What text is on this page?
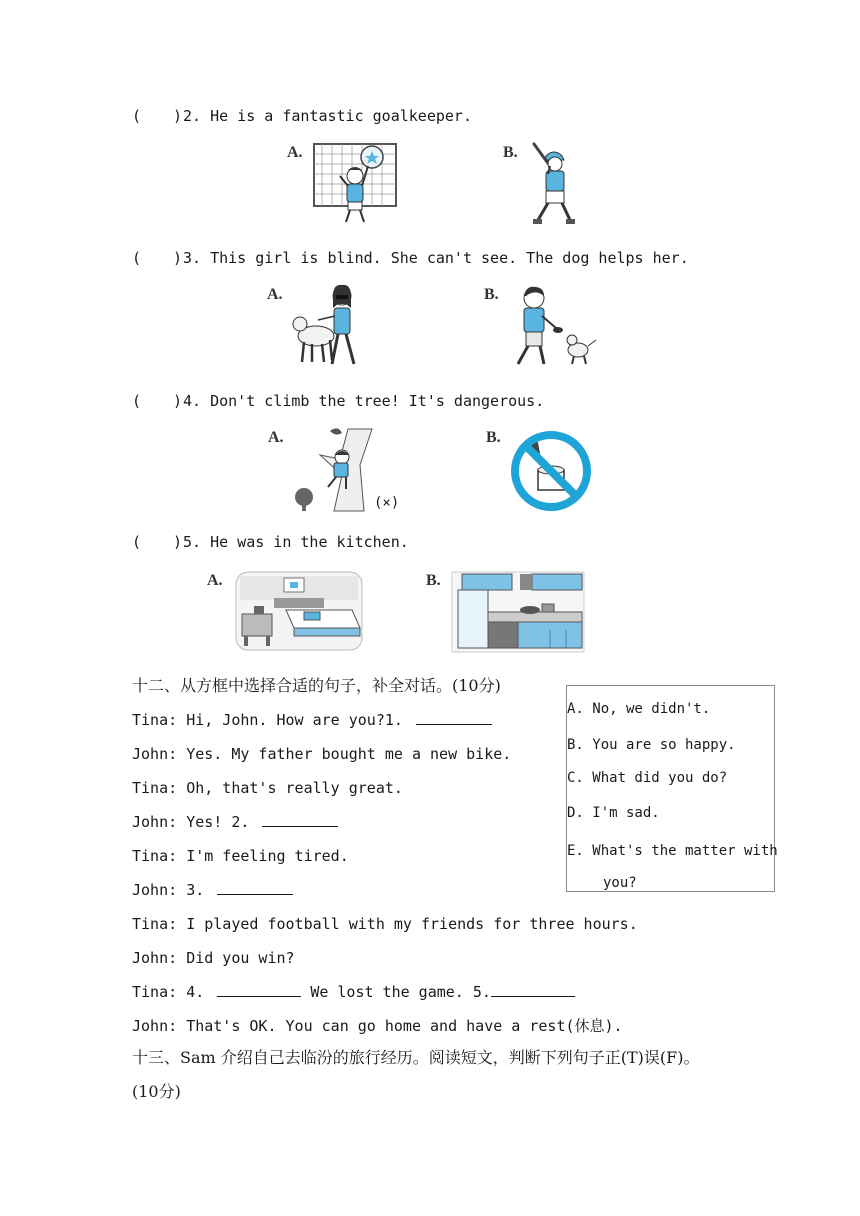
( ) 2. He is a fantastic goalkeeper.
A.	B.
( ) 3. This girl is blind. She can't see. The dog helps her.
A.	B.
( ) 4. Don't climb the tree! It's dangerous.
A.
(×)
B.
( ) 5. He was in the kitchen.
A.	B.
十二、从方框中选择合适的句子，补全对话。(10分)
Tina: Hi, John. How are you?1.
John: Yes. My father bought me a new bike.
Tina: Oh, that's really great.
John: Yes! 2.
Tina: I'm feeling tired.
John: 3.
Tina: I played football with my friends for three hours.
John: Did you win?
Tina: 4.	We lost the game. 5.
John: That's OK. You can go home and have a rest(休息).
A. No, we didn't.
B. You are so happy.
C. What did you do?
D. I'm sad.
E. What's the matter with
you?
十三、Sam 介绍自己去临汾的旅行经历。阅读短文，判断下列句子正(T)误(F)。
(10分)
